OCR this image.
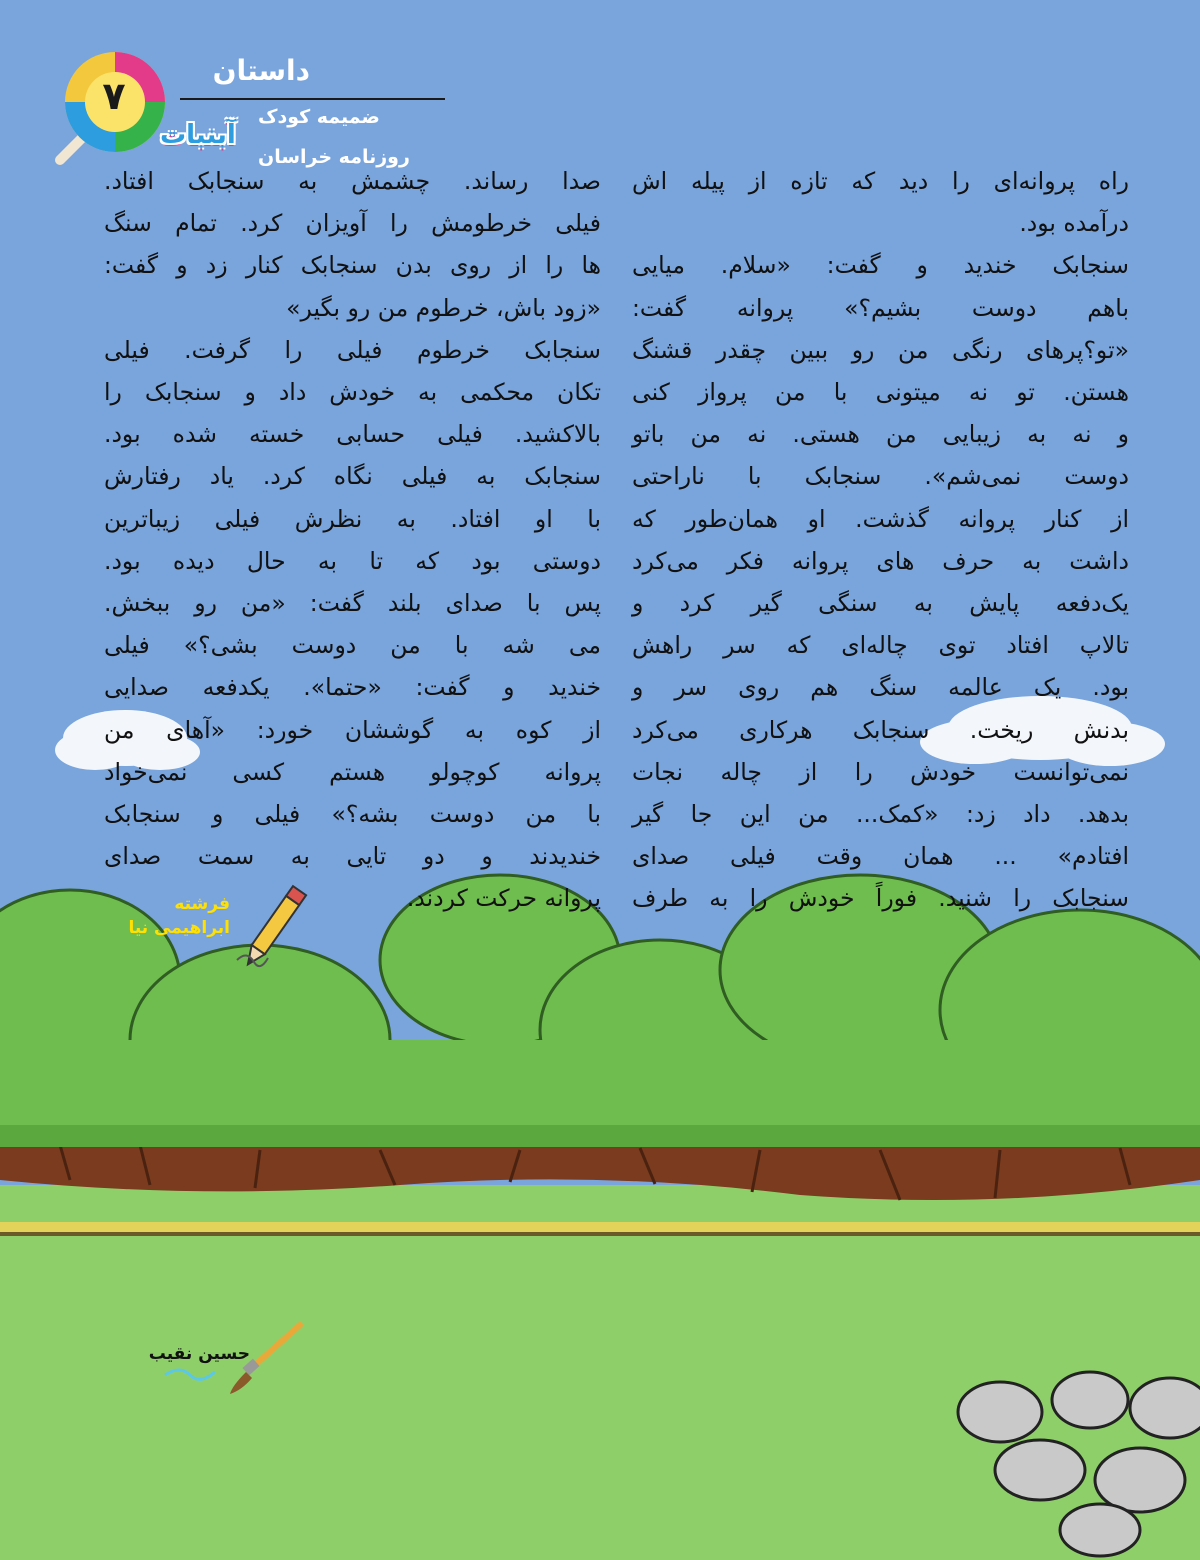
۷
داستان
ضمیمه کودک
آبنبات
روزنامه خراسان

راه پروانه‌ای را دید که تازه از پیله اش

درآمده بود.

سنجابک خندید و گفت: «سلام. میایی

باهم دوست بشیم؟» پروانه گفت:

«تو؟پرهای رنگی من رو ببین چقدر قشنگ

هستن. تو نه میتونی با من پرواز کنی

و نه به زیبایی من هستی. نه من باتو

دوست نمی‌شم». سنجابک با ناراحتی

از کنار پروانه گذشت. او همان‌طور که

داشت به حرف های پروانه فکر می‌کرد

یک‌دفعه پایش به سنگی گیر کرد و

تالاپ افتاد توی چاله‌ای که سر راهش

بود. یک عالمه سنگ هم روی سر و

بدنش ریخت. سنجابک هرکاری می‌کرد

نمی‌توانست خودش را از چاله نجات

بدهد. داد زد: «کمک... من این جا گیر

افتادم» ... همان وقت فیلی صدای

سنجابک را شنید. فوراً خودش را به طرف

صدا رساند. چشمش به سنجابک افتاد.

فیلی خرطومش را آویزان کرد. تمام سنگ

ها را از روی بدن سنجابک کنار زد و گفت:

«زود باش، خرطوم من رو بگیر»

سنجابک خرطوم فیلی را گرفت. فیلی

تکان محکمی به خودش داد و سنجابک را

بالاکشید. فیلی حسابی خسته شده بود.

سنجابک به فیلی نگاه کرد. یاد رفتارش

با او افتاد. به نظرش فیلی زیباترین

دوستی بود که تا به حال دیده بود.

پس با صدای بلند گفت: «من رو ببخش.

می شه با من دوست بشی؟» فیلی

خندید و گفت: «حتما». یکدفعه صدایی

از کوه به گوششان خورد: «آهای من

پروانه کوچولو هستم کسی نمی‌خواد

با من دوست بشه؟» فیلی و سنجابک

خندیدند و دو تایی به سمت صدای

پروانه حرکت کردند.

فرشته
ابراهیمی نیا
حسین نقیب
